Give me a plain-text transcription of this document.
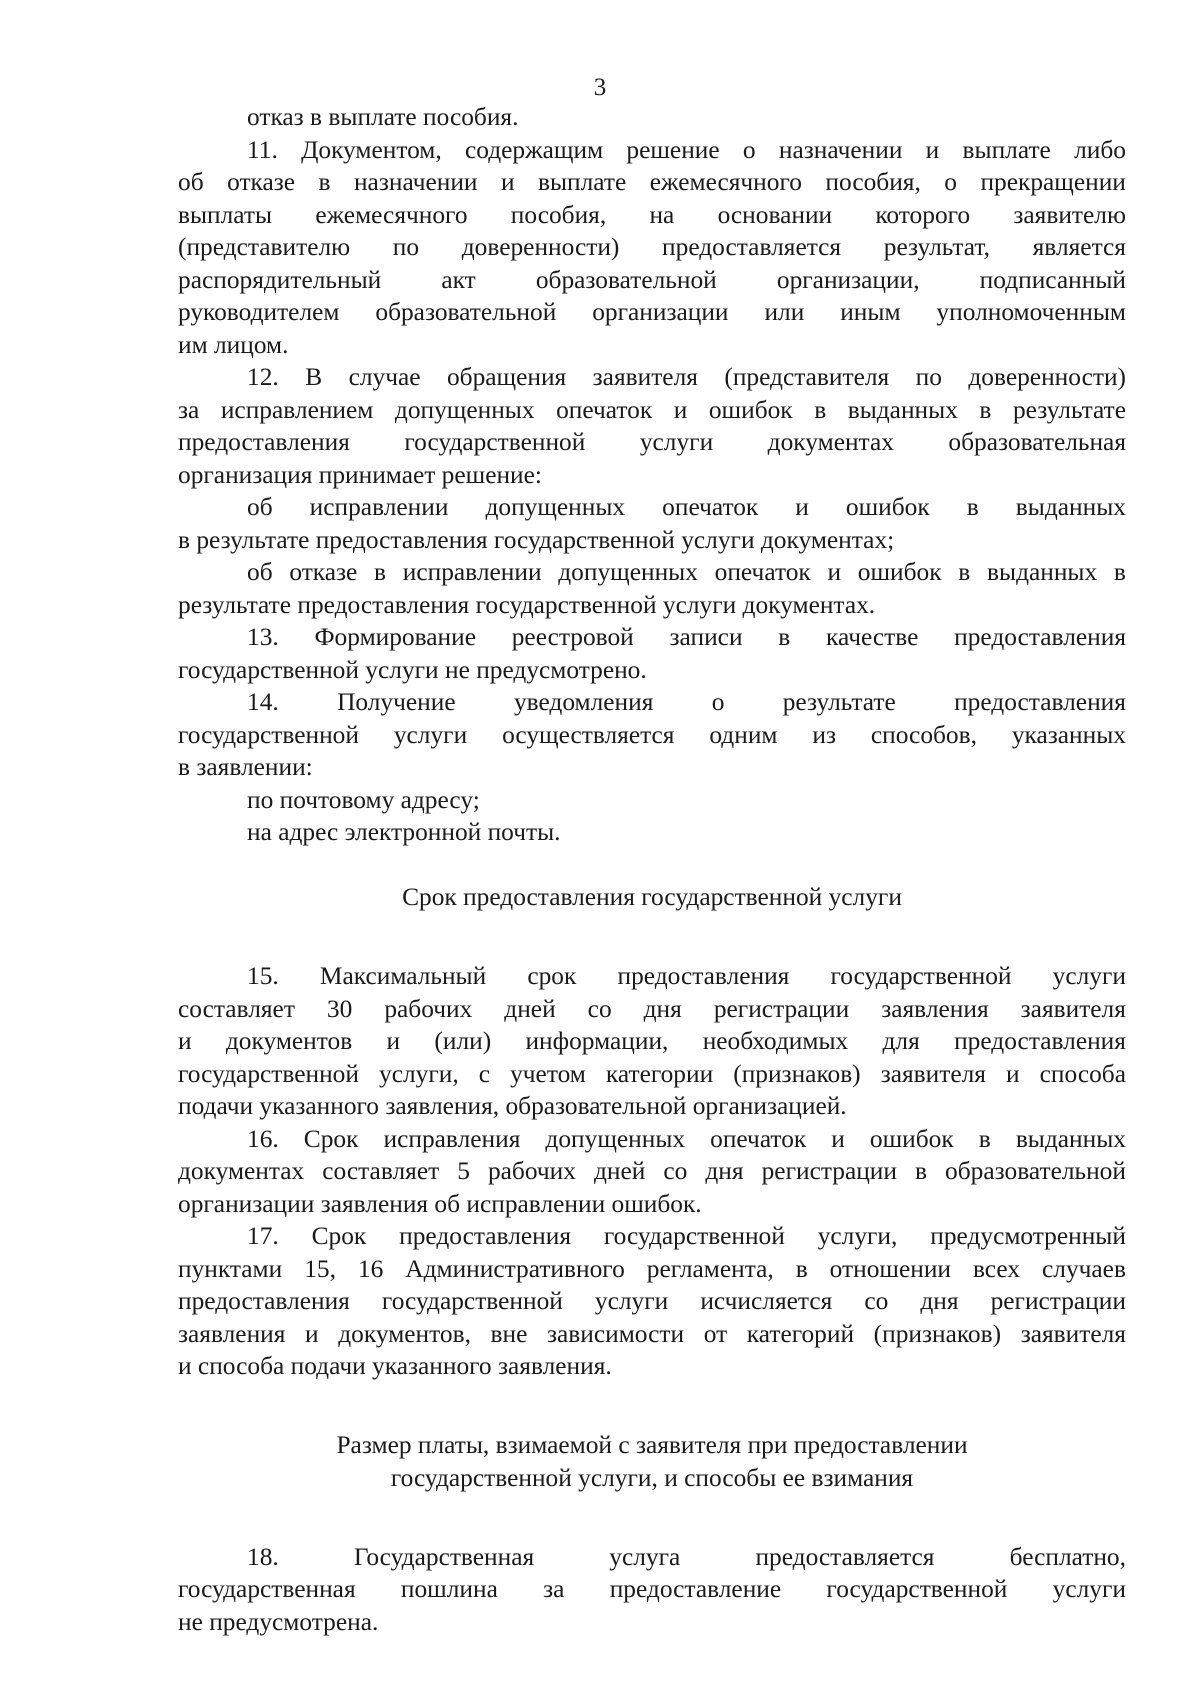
3
отказ в выплате пособия.
11. Документом, содержащим решение о назначении и выплате либо
об отказе в назначении и выплате ежемесячного пособия, о прекращении
выплаты ежемесячного пособия, на основании которого заявителю
(представителю по доверенности) предоставляется результат, является
распорядительный акт образовательной организации, подписанный
руководителем образовательной организации или иным уполномоченным
им лицом.
12. В случае обращения заявителя (представителя по доверенности)
за исправлением допущенных опечаток и ошибок в выданных в результате
предоставления государственной услуги документах образовательная
организация принимает решение:
об исправлении допущенных опечаток и ошибок в выданных
в результате предоставления государственной услуги документах;
об отказе в исправлении допущенных опечаток и ошибок в выданных в
результате предоставления государственной услуги документах.
13. Формирование реестровой записи в качестве предоставления
государственной услуги не предусмотрено.
14. Получение уведомления о результате предоставления
государственной услуги осуществляется одним из способов, указанных
в заявлении:
по почтовому адресу;
на адрес электронной почты.
Срок предоставления государственной услуги
15. Максимальный срок предоставления государственной услуги
составляет 30 рабочих дней со дня регистрации заявления заявителя
и документов и (или) информации, необходимых для предоставления
государственной услуги, с учетом категории (признаков) заявителя и способа
подачи указанного заявления, образовательной организацией.
16. Срок исправления допущенных опечаток и ошибок в выданных
документах составляет 5 рабочих дней со дня регистрации в образовательной
организации заявления об исправлении ошибок.
17. Срок предоставления государственной услуги, предусмотренный
пунктами 15, 16 Административного регламента, в отношении всех случаев
предоставления государственной услуги исчисляется со дня регистрации
заявления и документов, вне зависимости от категорий (признаков) заявителя
и способа подачи указанного заявления.
Размер платы, взимаемой с заявителя при предоставлении
государственной услуги, и способы ее взимания
18.	Государственная	услуга	предоставляется	бесплатно,
государственная пошлина за предоставление государственной услуги
не предусмотрена.
